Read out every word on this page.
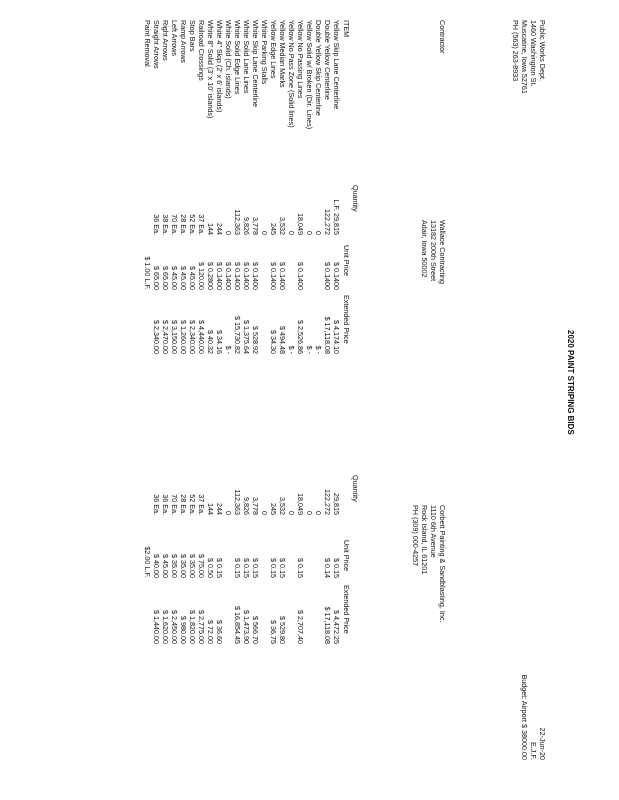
2020 PAINT STRIPING BIDS
Public Works Dept.
1460 Washington St.
Muscatine, Iowa 52761
PH (563) 263-8933
22-Jun-20
E.J.F.
Budget: Airport $ 38000.00
Contractor
Wallace Contracting
13182 200th Street
Adair, Iowa 50002
Corbett Painting & Sandblasting, Inc.
1110 6th Avenue
Rock Island, IL 61201
PH (309) 000-4257
ITEM
Quantity
Unit Price
Extended Price
Quantity
Unit Price
Extended Price
Yellow Skip Lane Centerline
L.F. 29,815
$ 0.1400
$ 4,174.10
29,815
$ 0.15
$ 4,472.25
Double Yellow Centerline
122,272
$ 0.1400
$ 17,118.08
122,272
$ 0.14
$ 17,118.08
Double Yellow Skip Centerline
0
$ -
0
Yellow Solid w/ Broken (Dir. Lines)
0
$ -
0
Yellow No Passing Lines
18,049
$ 0.1400
$ 2,526.86
18,049
$ 0.15
$ 2,707.40
Yellow No Pass Zone (Solid lines)
0
$ -
0
Yellow Median Marks
3,532
$ 0.1400
$ 494.48
3,532
$ 0.15
$ 529.80
Yellow Edge Lines
245
$ 0.1400
$ 34.30
245
$ 0.15
$ 36.75
White Parking Stalls
0
0
White Skip Lane Centerline
3,778
$ 0.1400
$ 528.92
3,778
$ 0.15
$ 566.70
White Solid Lane Lines
9,826
$ 0.1400
$ 1,375.64
9,826
$ 0.15
$ 1,473.90
White Solid Edge Lines
112,363
$ 0.1400
$ 15,730.82
112,363
$ 0.15
$ 16,854.45
White Solid (Ch. islands)
0
$ 0.1400
$ -
0
White 4" Skip (2' x 6' islands)
244
$ 0.1400
$ 34.16
244
$ 0.15
$ 36.60
White 8" Solid (3' x 10' islands)
144
$ 0.2800
$ 40.32
144
$ 0.50
$ 72.00
Railroad Crossings
37 Ea.
$ 120.00
$ 4,440.00
37 Ea.
$ 75.00
$ 2,775.00
Stop Bars
52 Ea.
$ 45.00
$ 2,340.00
52 Ea.
$ 35.00
$ 1,820.00
Ramp Arrows
28 Ea.
$ 45.00
$ 1,260.00
28 Ea.
$ 35.00
$ 980.00
Left Arrows
70 Ea.
$ 45.00
$ 3,150.00
70 Ea.
$ 35.00
$ 2,450.00
Right Arrows
38 Ea.
$ 65.00
$ 2,470.00
36 Ea.
$ 45.00
$ 1,620.00
Straight Arrows
36 Ea.
$ 65.00
$ 2,340.00
36 Ea.
$ 40.00
$ 1,440.00
Paint Removal
$ 1.00 L.F.
$2.00 L.F.
